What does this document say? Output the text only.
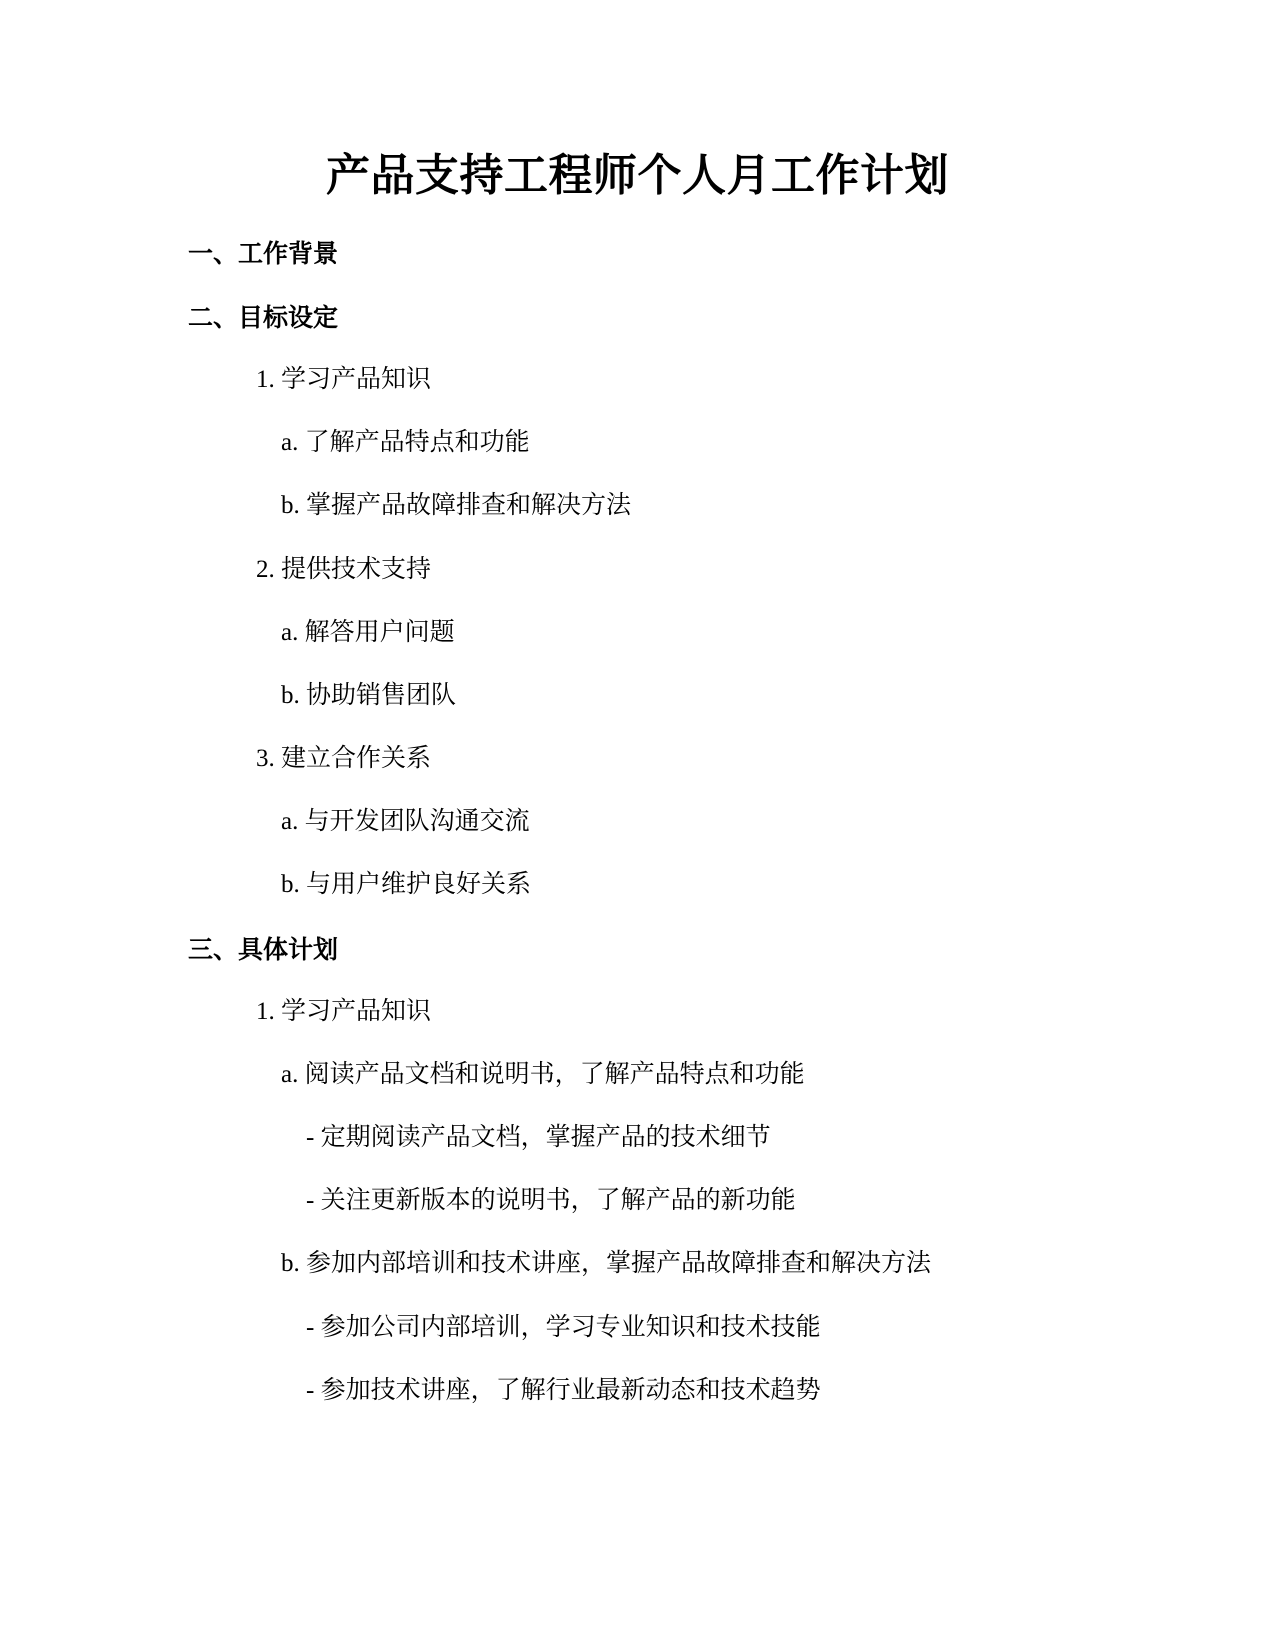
产品支持工程师个人月工作计划
一、工作背景
二、目标设定
1. 学习产品知识
a. 了解产品特点和功能
b. 掌握产品故障排查和解决方法
2. 提供技术支持
a. 解答用户问题
b. 协助销售团队
3. 建立合作关系
a. 与开发团队沟通交流
b. 与用户维护良好关系
三、具体计划
1. 学习产品知识
a. 阅读产品文档和说明书，了解产品特点和功能
- 定期阅读产品文档，掌握产品的技术细节
- 关注更新版本的说明书，了解产品的新功能
b. 参加内部培训和技术讲座，掌握产品故障排查和解决方法
- 参加公司内部培训，学习专业知识和技术技能
- 参加技术讲座，了解行业最新动态和技术趋势
